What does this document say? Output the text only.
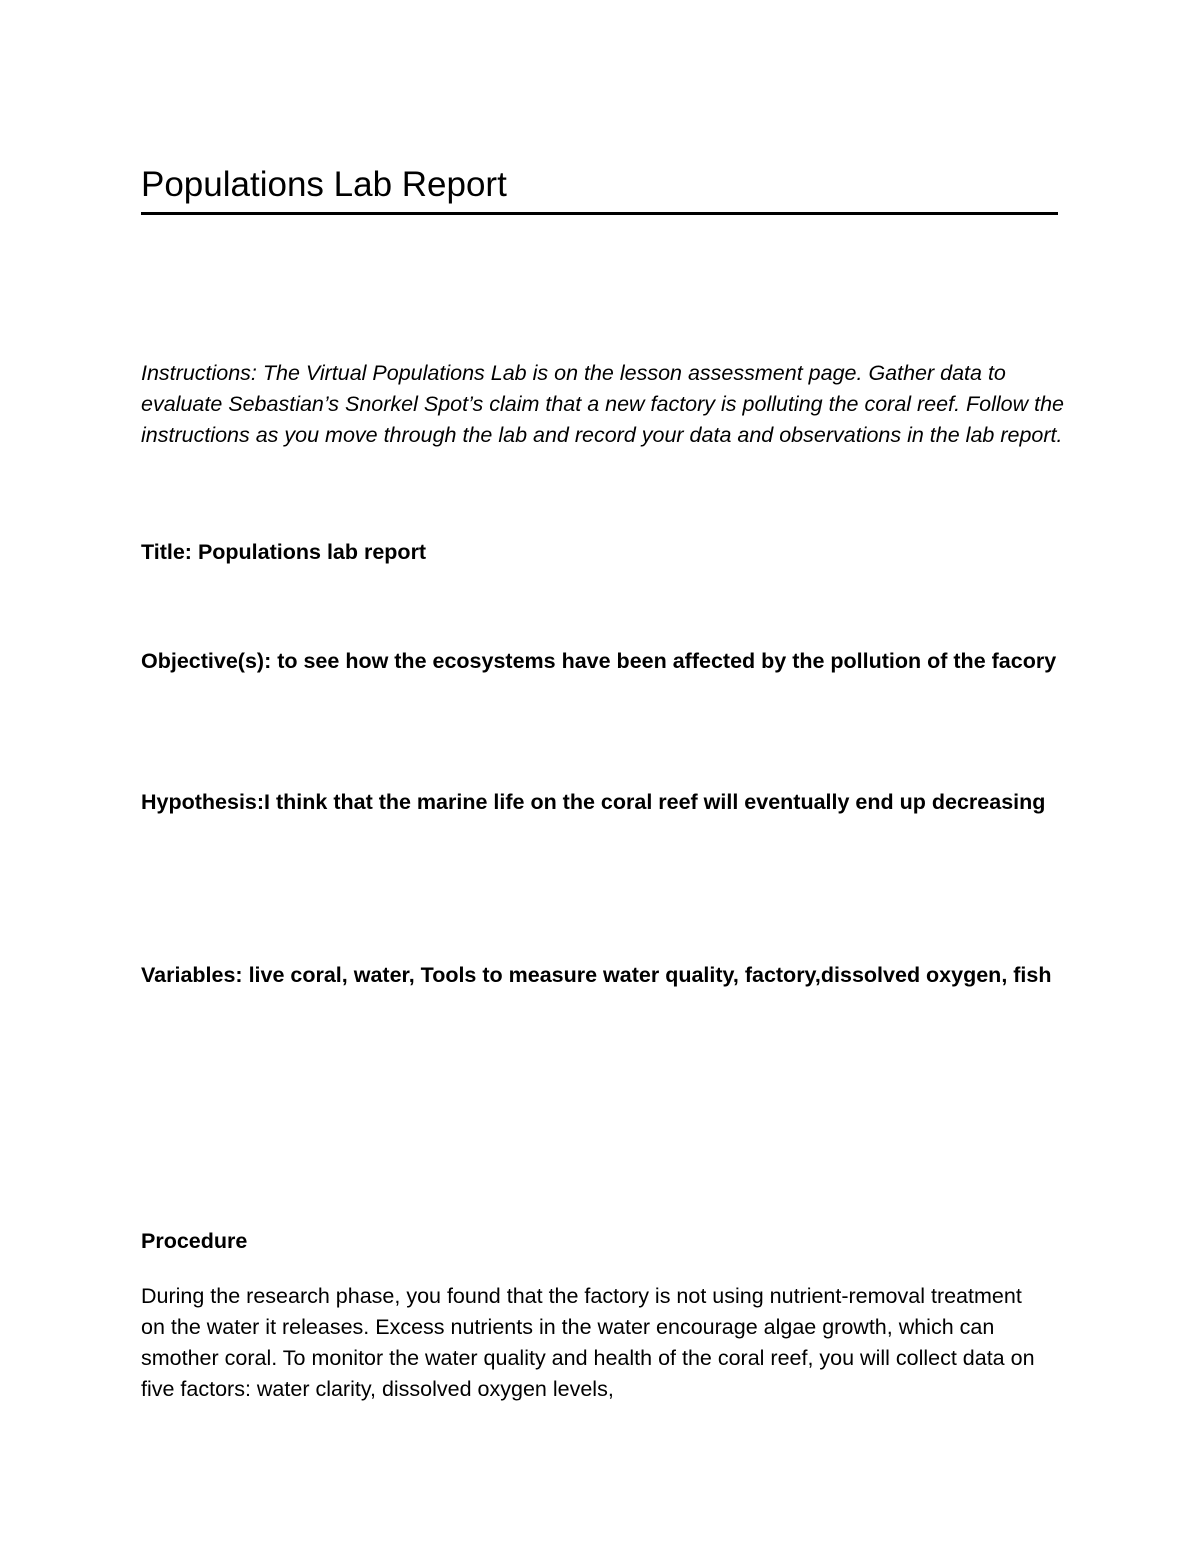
Populations Lab Report

Instructions: The Virtual Populations Lab is on the lesson assessment page. Gather data to evaluate Sebastian’s Snorkel Spot’s claim that a new factory is polluting the coral reef. Follow the instructions as you move through the lab and record your data and observations in the lab report.

Title: Populations lab report

Objective(s): to see how the ecosystems have been affected by the pollution of the facory

Hypothesis:I think that the marine life on the coral reef will eventually end up decreasing

Variables: live coral, water, Tools to measure water quality, factory,dissolved oxygen, fish

Procedure

During the research phase, you found that the factory is not using nutrient-removal treatment on the water it releases. Excess nutrients in the water encourage algae growth, which can smother coral. To monitor the water quality and health of the coral reef, you will collect data on five factors: water clarity, dissolved oxygen levels,
